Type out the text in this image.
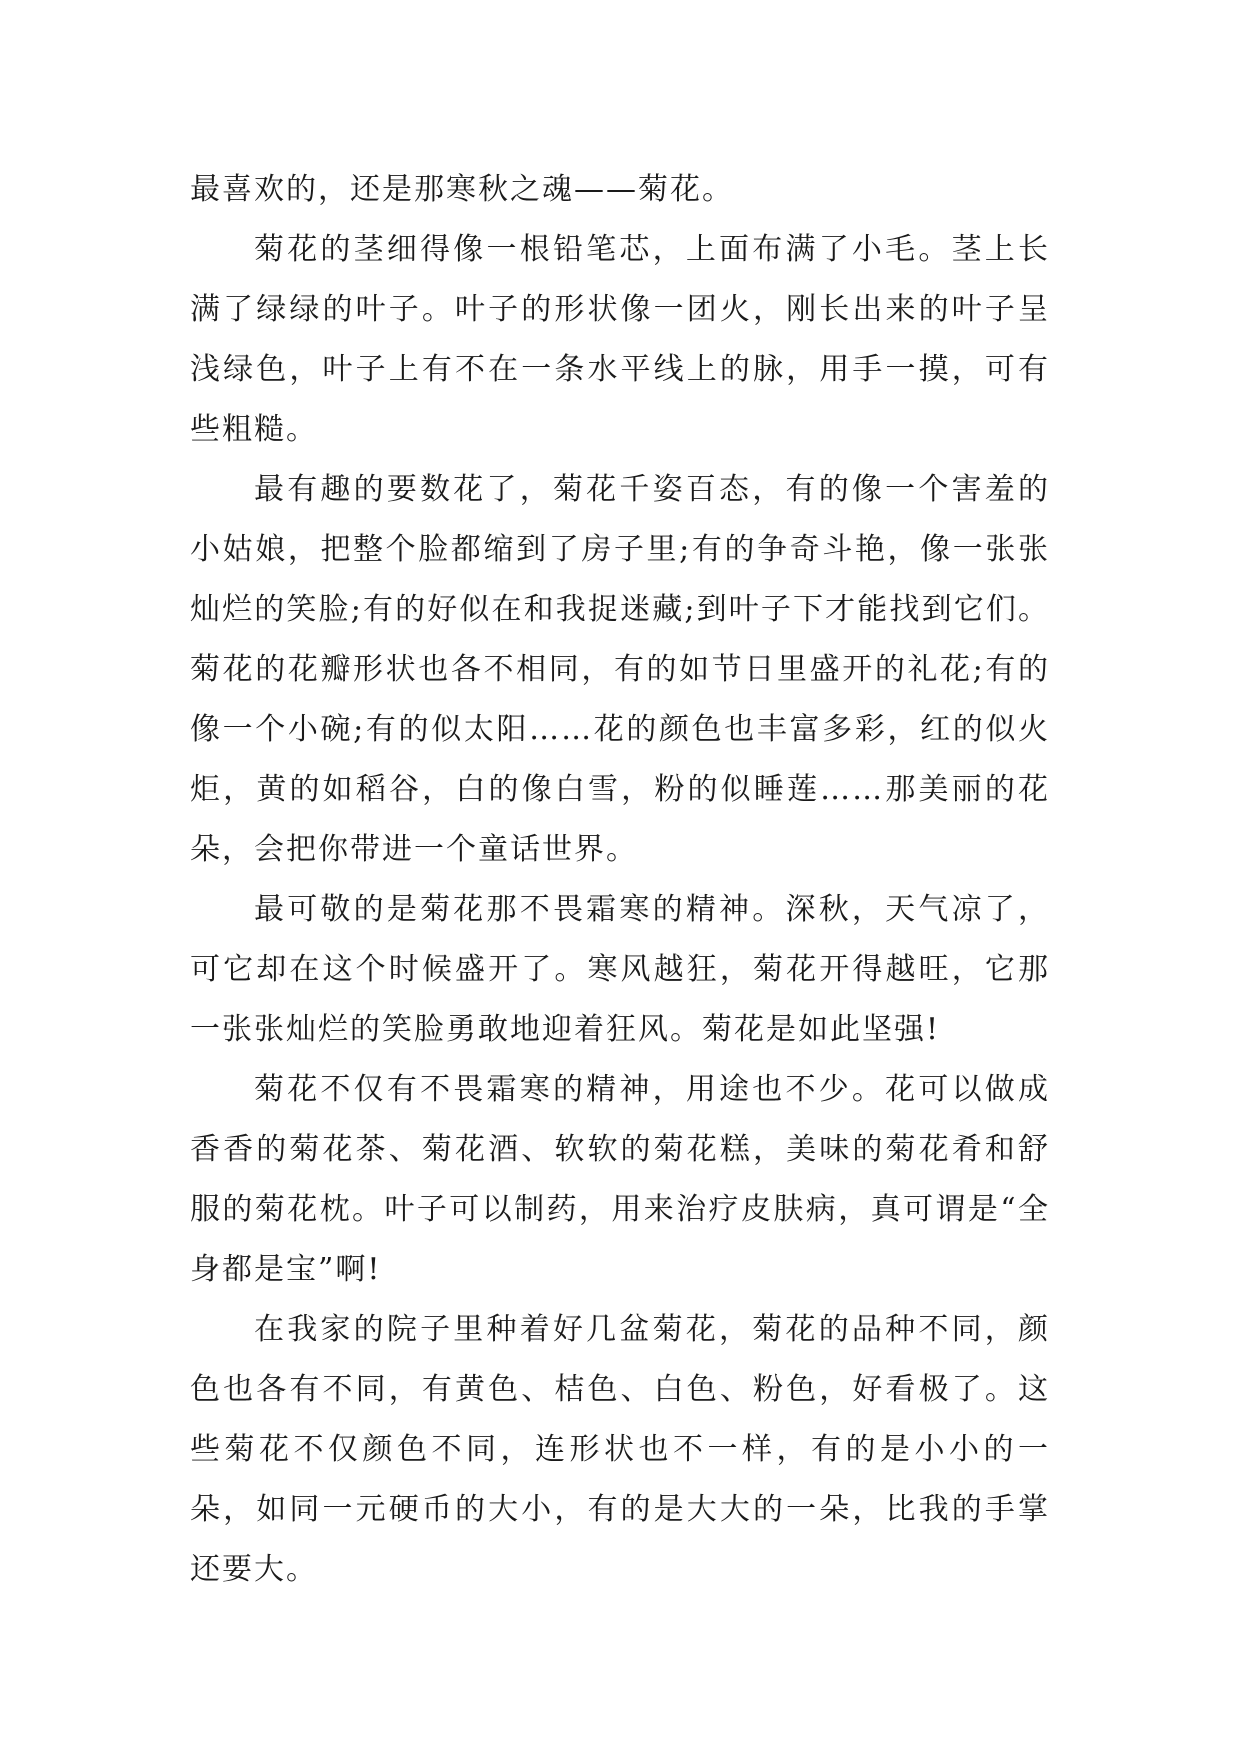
最喜欢的，还是那寒秋之魂——菊花。

菊花的茎细得像一根铅笔芯，上面布满了小毛。茎上长满了绿绿的叶子。叶子的形状像一团火，刚长出来的叶子呈浅绿色，叶子上有不在一条水平线上的脉，用手一摸，可有些粗糙。

最有趣的要数花了，菊花千姿百态，有的像一个害羞的小姑娘，把整个脸都缩到了房子里;有的争奇斗艳，像一张张灿烂的笑脸;有的好似在和我捉迷藏;到叶子下才能找到它们。菊花的花瓣形状也各不相同，有的如节日里盛开的礼花;有的像一个小碗;有的似太阳……花的颜色也丰富多彩，红的似火炬，黄的如稻谷，白的像白雪，粉的似睡莲……那美丽的花朵，会把你带进一个童话世界。

最可敬的是菊花那不畏霜寒的精神。深秋，天气凉了，可它却在这个时候盛开了。寒风越狂，菊花开得越旺，它那一张张灿烂的笑脸勇敢地迎着狂风。菊花是如此坚强!

菊花不仅有不畏霜寒的精神，用途也不少。花可以做成香香的菊花茶、菊花酒、软软的菊花糕，美味的菊花肴和舒服的菊花枕。叶子可以制药，用来治疗皮肤病，真可谓是“全身都是宝”啊!

在我家的院子里种着好几盆菊花，菊花的品种不同，颜色也各有不同，有黄色、桔色、白色、粉色，好看极了。这些菊花不仅颜色不同，连形状也不一样，有的是小小的一朵，如同一元硬币的大小，有的是大大的一朵，比我的手掌还要大。
